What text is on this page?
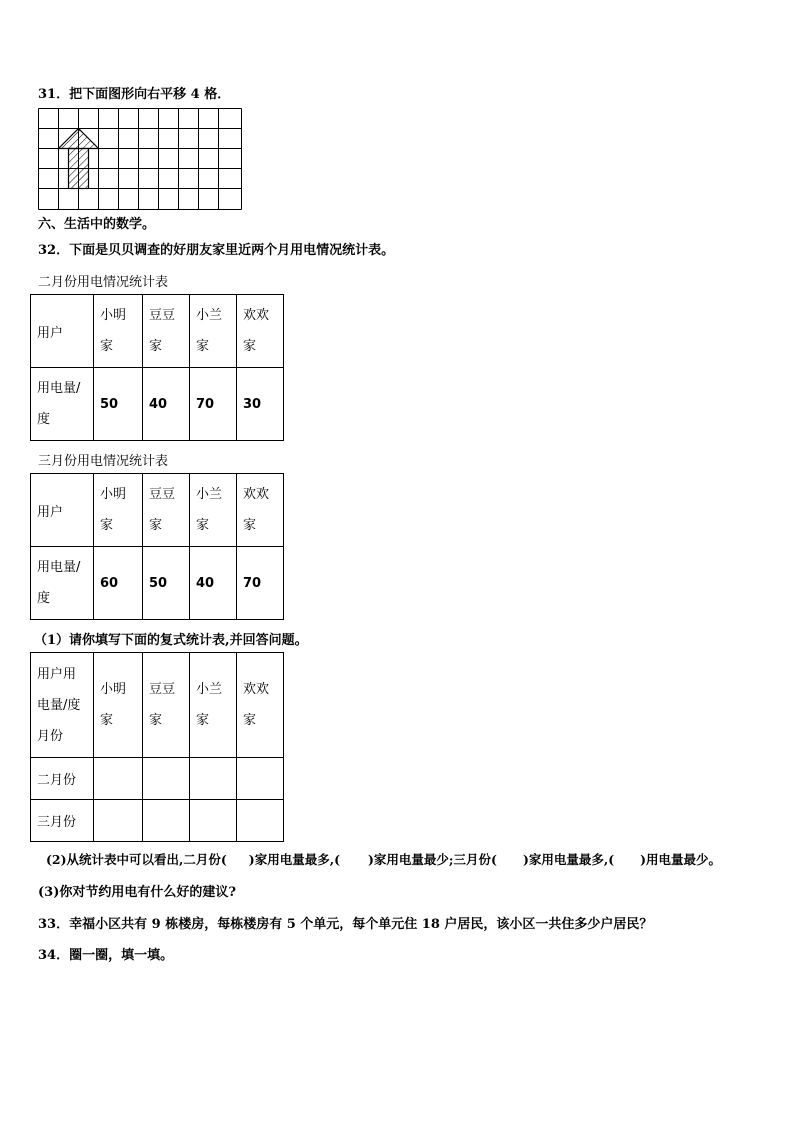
31．把下面图形向右平移 4 格．
六、生活中的数学。
32．下面是贝贝调查的好朋友家里近两个月用电情况统计表。
二月份用电情况统计表
用户	小明家	豆豆家	小兰家	欢欢家
用电量/度	50	40	70	30
三月份用电情况统计表
用户	小明家	豆豆家	小兰家	欢欢家
用电量/度	60	50	40	70
（1）请你填写下面的复式统计表,并回答问题。
用户用
电量/度
月份	小明家	豆豆家	小兰家	欢欢家
二月份				
三月份				
(2)从统计表中可以看出,二月份( )家用电量最多,( )家用电量最少;三月份( )家用电量最多,( )用电量最少。
(3)你对节约用电有什么好的建议?
33．幸福小区共有 9 栋楼房，每栋楼房有 5 个单元，每个单元住 18 户居民，该小区一共住多少户居民？
34．圈一圈，填一填。
